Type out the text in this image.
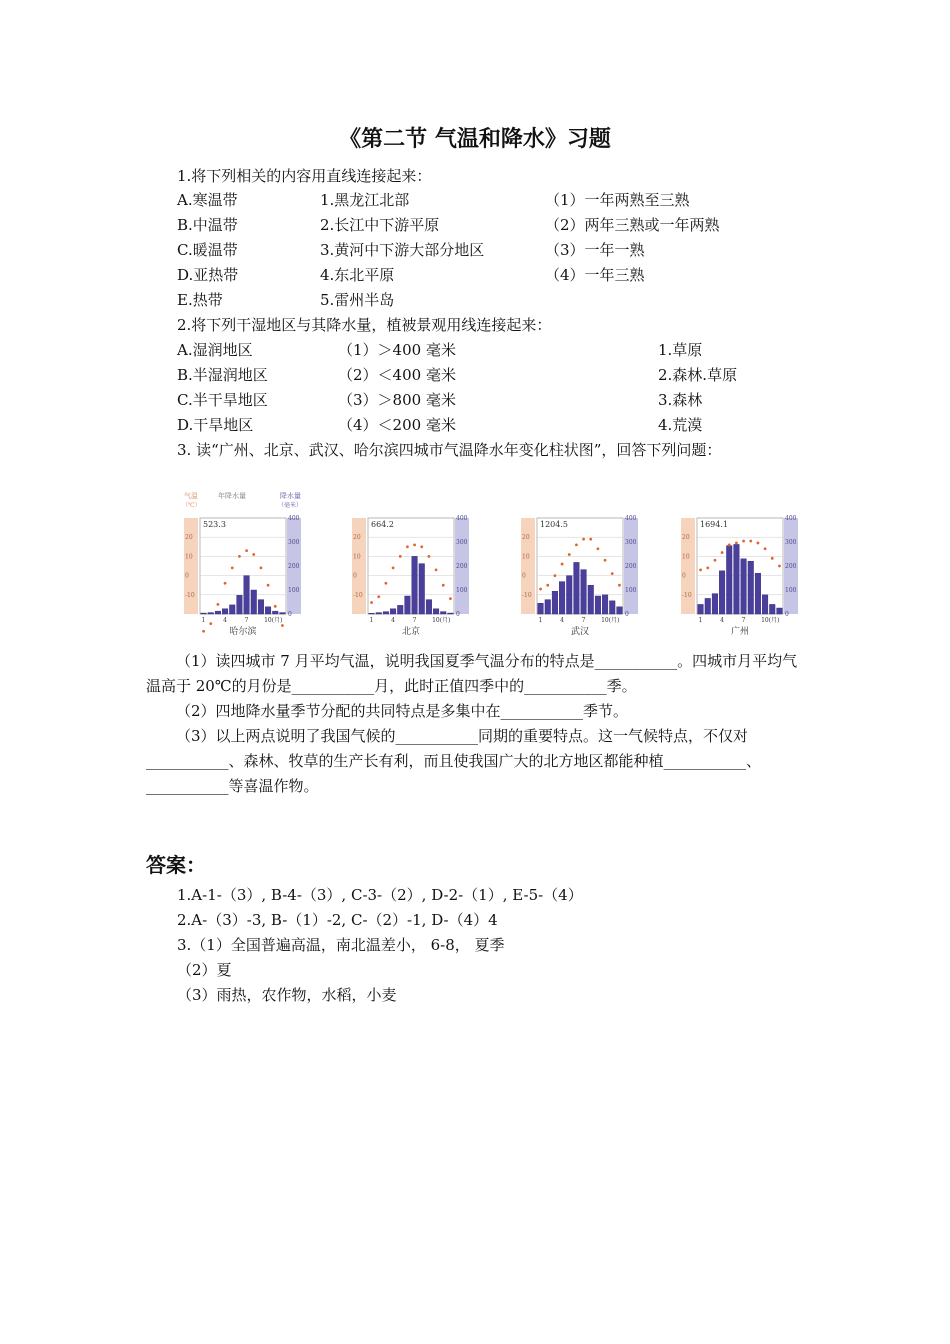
《第二节 气温和降水》习题
1.将下列相关的内容用直线连接起来：
A.寒温带	1.黑龙江北部	（1）一年两熟至三熟
B.中温带	2.长江中下游平原	（2）两年三熟或一年两熟
C.暖温带	3.黄河中下游大部分地区	（3）一年一熟
D.亚热带	4.东北平原	（4）一年三熟
E.热带	5.雷州半岛
2.将下列干湿地区与其降水量，植被景观用线连接起来：
A.湿润地区	（1）＞400 毫米	1.草原
B.半湿润地区	（2）＜400 毫米	2.森林.草原
C.半干旱地区	（3）＞800 毫米	3.森林
D.干旱地区	（4）＜200 毫米	4.荒漠
3. 读“广州、北京、武汉、哈尔滨四城市气温降水年变化柱状图”，回答下列问题：
气温
（℃）
年降水量	降水量
（毫米）
20
10
0
-10
400
300
200
100
0
523.3
1	4	7	10(月)
哈尔滨
20
10
0
-10
400
300
200
100
0
664.2
1	4	7	10(月)
北京
20
10
0
-10
400
300
200
100
0
1204.5
1	4	7	10(月)
武汉
20
10
0
-10
400
300
200
100
0
1694.1
1	4	7	10(月)
广州
（1）读四城市 7 月平均气温，说明我国夏季气温分布的特点是___________。四城市月平均气温高于 20℃的月份是___________月，此时正值四季中的___________季。
（2）四地降水量季节分配的共同特点是多集中在___________季节。
（3）以上两点说明了我国气候的___________同期的重要特点。这一气候特点，不仅对___________、森林、牧草的生产长有利，而且使我国广大的北方地区都能种植___________、___________等喜温作物。
答案：
1.A-1-（3）, B-4-（3）, C-3-（2）, D-2-（1）, E-5-（4）
2.A-（3）-3, B-（1）-2, C-（2）-1, D-（4）4
3.（1）全国普遍高温，南北温差小， 6-8， 夏季
（2）夏
（3）雨热，农作物，水稻，小麦
